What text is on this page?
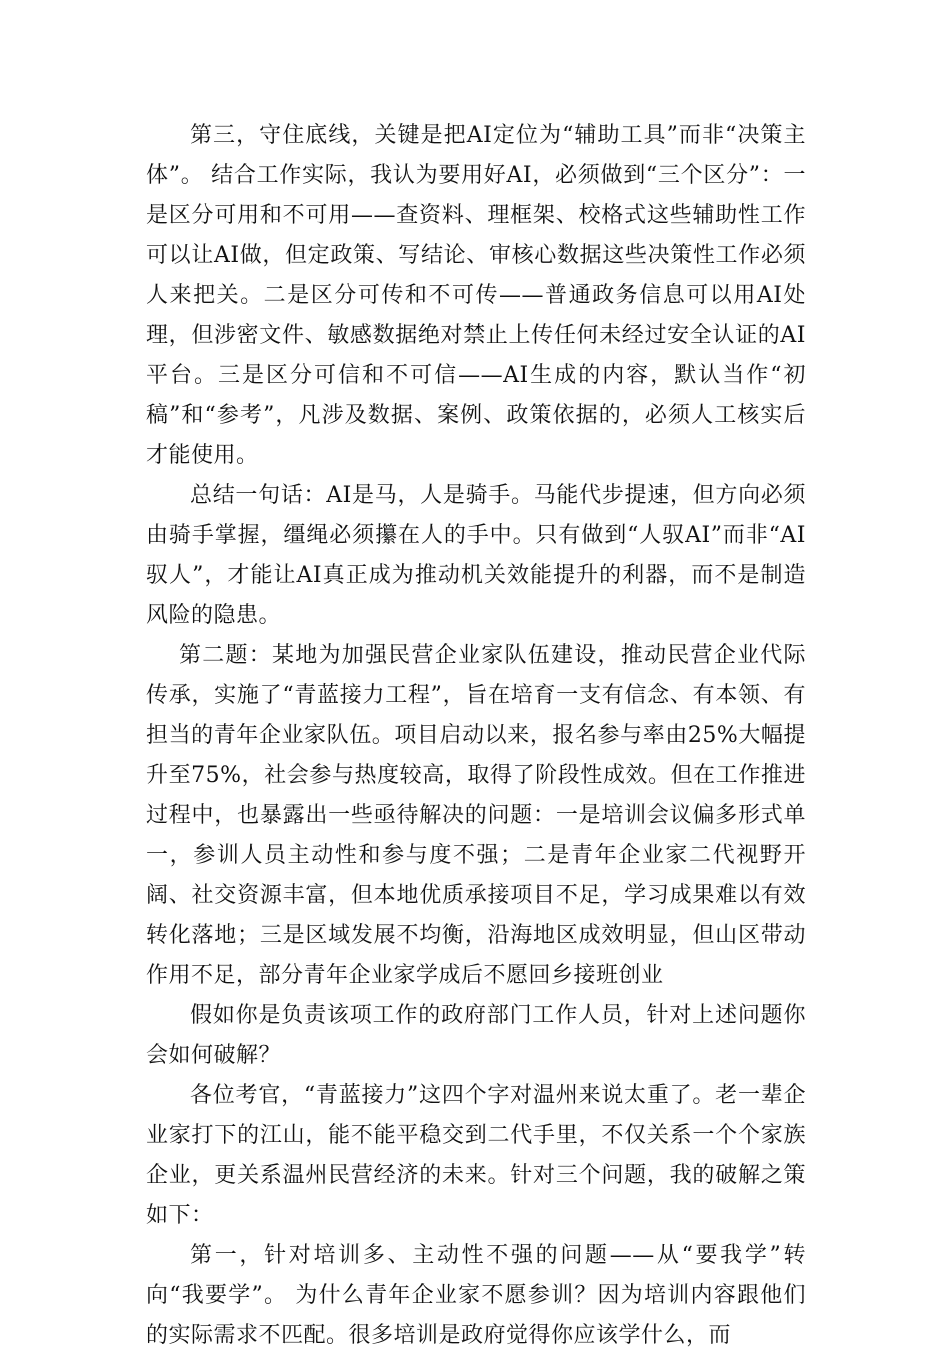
第三，守住底线，关键是把AI定位为“辅助工具”而非“决策主体”。 结合工作实际，我认为要用好AI，必须做到“三个区分”：一是区分可用和不可用——查资料、理框架、校格式这些辅助性工作可以让AI做，但定政策、写结论、审核心数据这些决策性工作必须人来把关。二是区分可传和不可传——普通政务信息可以用AI处理，但涉密文件、敏感数据绝对禁止上传任何未经过安全认证的AI平台。三是区分可信和不可信——AI生成的内容，默认当作“初稿”和“参考”，凡涉及数据、案例、政策依据的，必须人工核实后才能使用。

总结一句话：AI是马，人是骑手。马能代步提速，但方向必须由骑手掌握，缰绳必须攥在人的手中。只有做到“人驭AI”而非“AI驭人”，才能让AI真正成为推动机关效能提升的利器，而不是制造风险的隐患。

第二题：某地为加强民营企业家队伍建设，推动民营企业代际传承，实施了“青蓝接力工程”，旨在培育一支有信念、有本领、有担当的青年企业家队伍。项目启动以来，报名参与率由25%大幅提升至75%，社会参与热度较高，取得了阶段性成效。但在工作推进过程中，也暴露出一些亟待解决的问题：一是培训会议偏多形式单一，参训人员主动性和参与度不强；二是青年企业家二代视野开阔、社交资源丰富，但本地优质承接项目不足，学习成果难以有效转化落地；三是区域发展不均衡，沿海地区成效明显，但山区带动作用不足，部分青年企业家学成后不愿回乡接班创业

假如你是负责该项工作的政府部门工作人员，针对上述问题你会如何破解？

各位考官，“青蓝接力”这四个字对温州来说太重了。老一辈企业家打下的江山，能不能平稳交到二代手里，不仅关系一个个家族企业，更关系温州民营经济的未来。针对三个问题，我的破解之策如下：

第一，针对培训多、主动性不强的问题——从“要我学”转向“我要学”。 为什么青年企业家不愿参训？因为培训内容跟他们的实际需求不匹配。很多培训是政府觉得你应该学什么，而
